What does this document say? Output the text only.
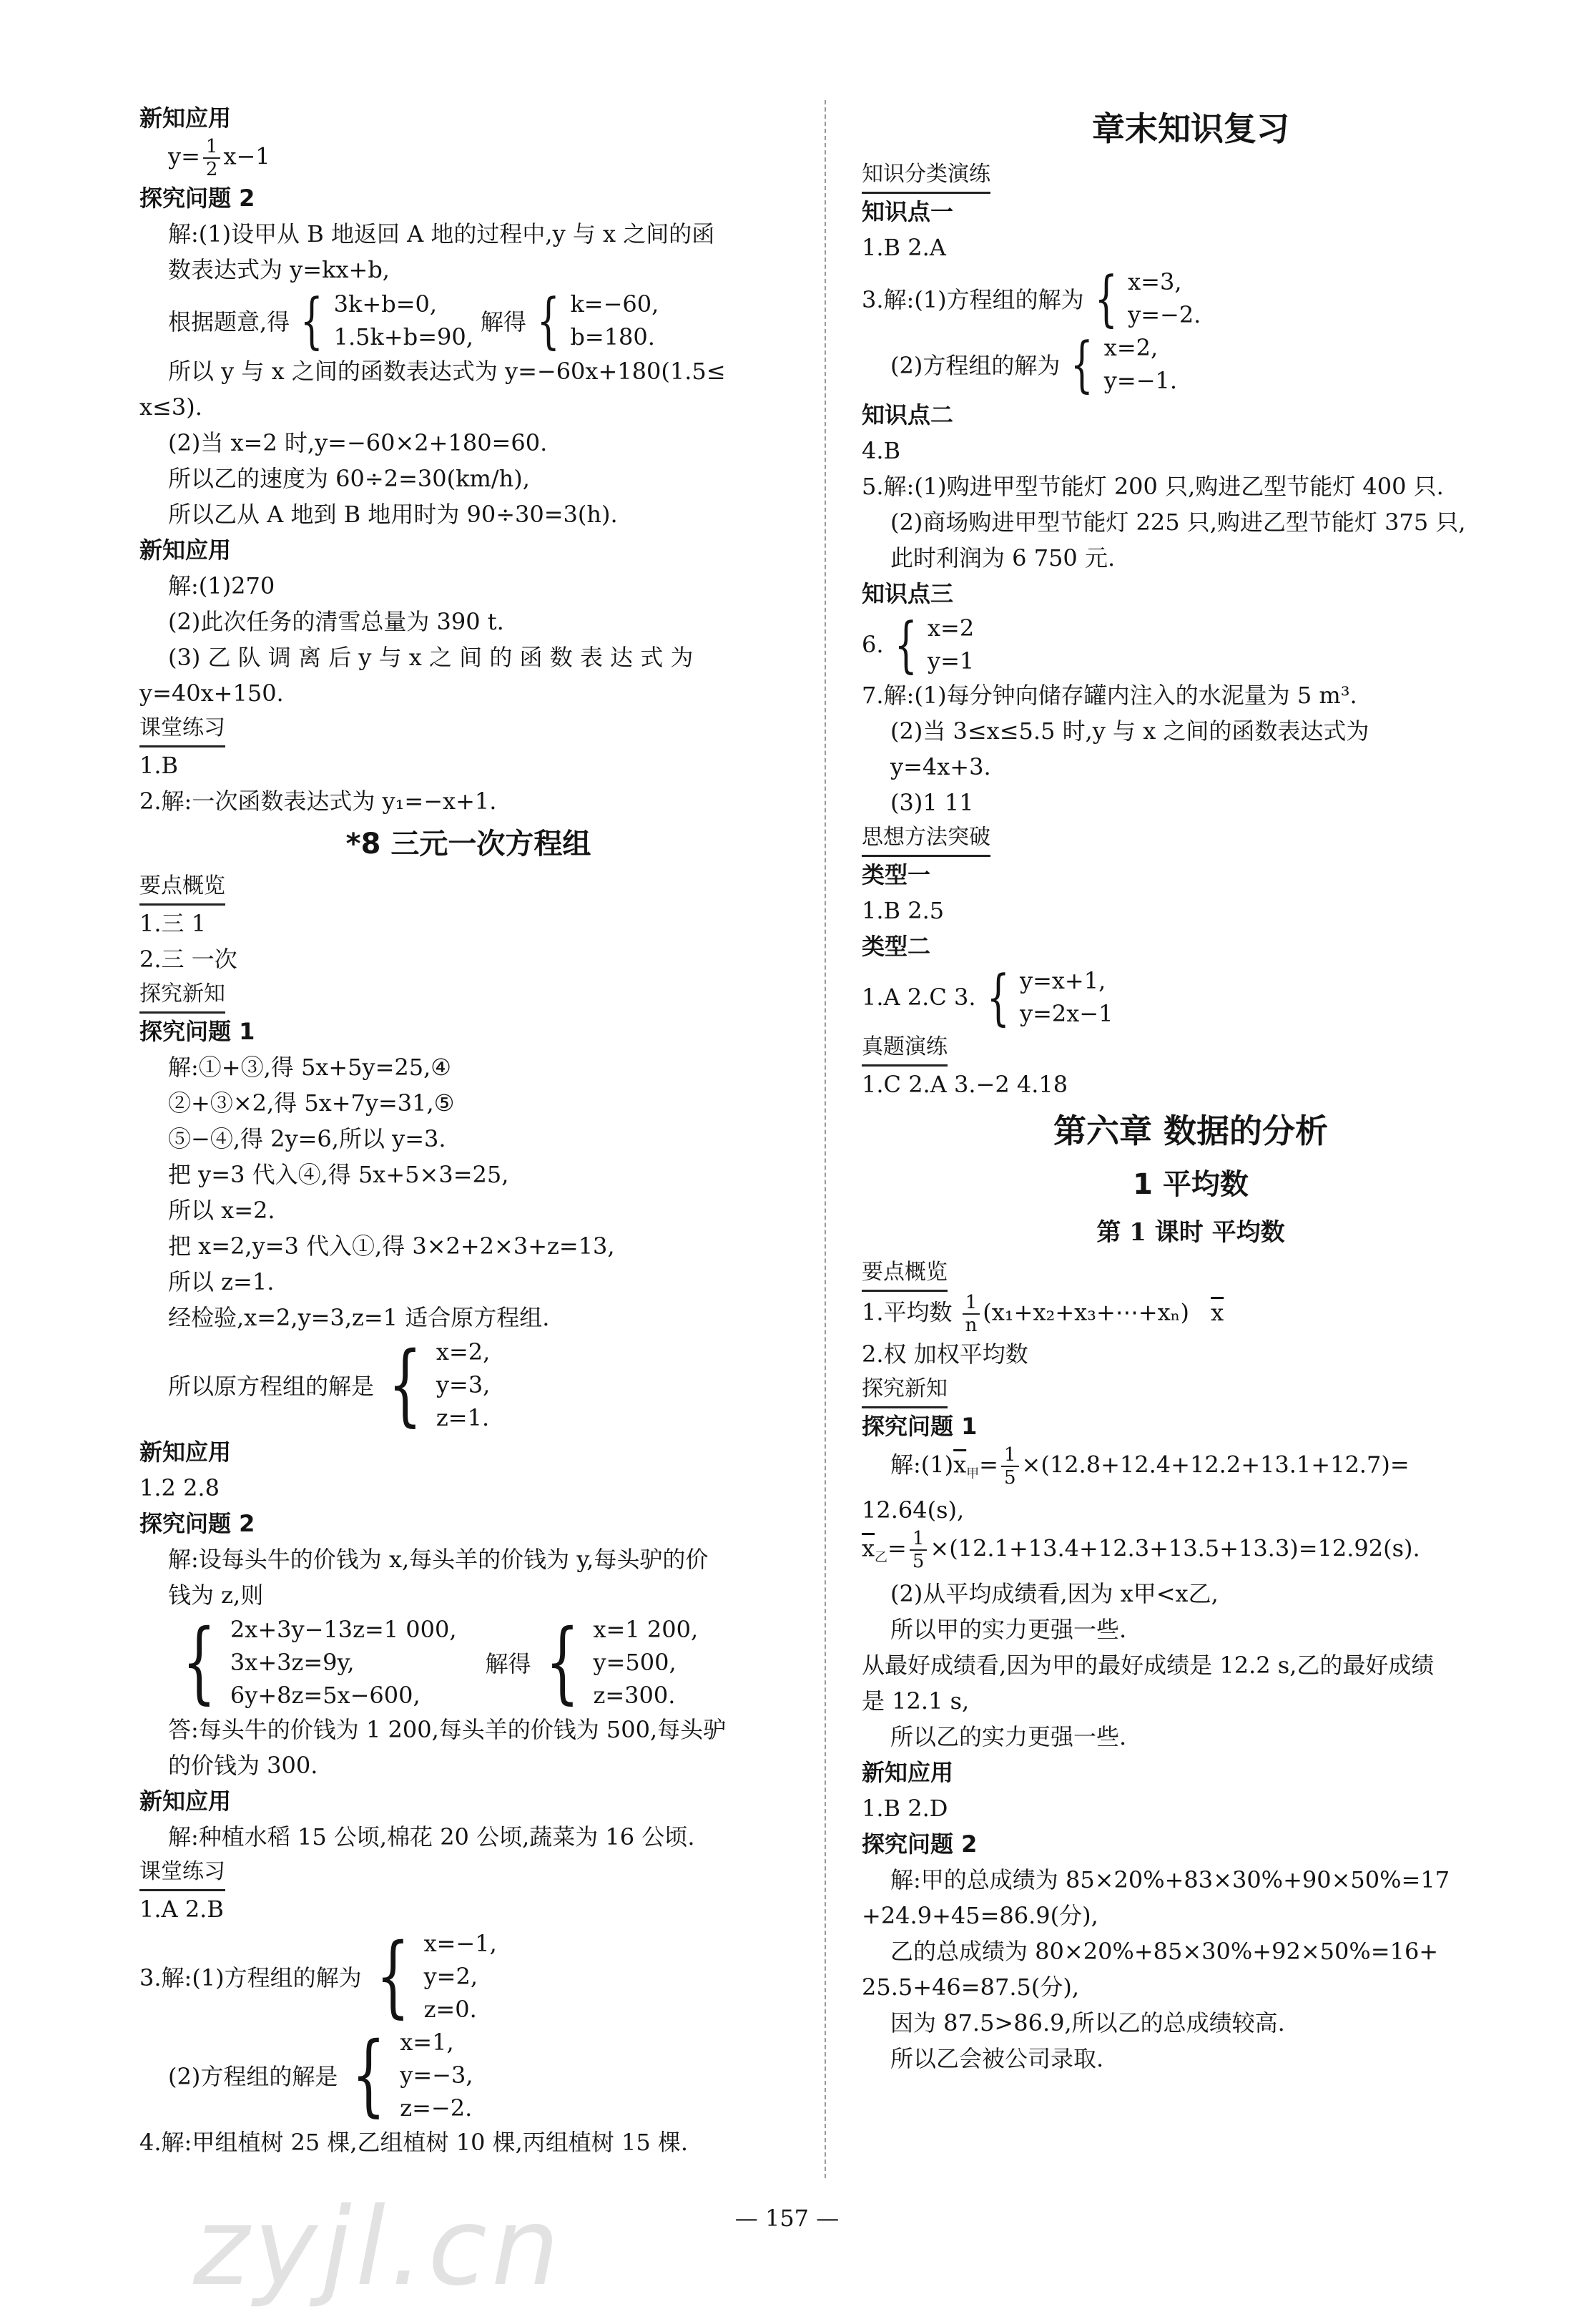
新知应用
$y= \frac{1}{2} x-1$
探究问题 2
解:(1)设甲从 B 地返回 A 地的过程中,y 与 x 之间的函
数表达式为 y=kx+b,
根据题意,得 { 3k+b=0,
1.5k+b=90,
解得 { k=−60,
b=180.
所以 y 与 x 之间的函数表达式为 y=−60x+180(1.5≤
x≤3).
(2)当 x=2 时,y=−60×2+180=60.
所以乙的速度为 60÷2=30(km/h),
所以乙从 A 地到 B 地用时为 90÷30=3(h).
新知应用
解:(1)270
(2)此次任务的清雪总量为 390 t.
(3) 乙 队 调 离 后 y 与 x 之 间 的 函 数 表 达 式 为
y=40x+150.
课堂练习
1.B
2.解:一次函数表达式为 y₁=−x+1.
*8 三元一次方程组
要点概览
1.三 1
2.三 一次
探究新知
探究问题 1
解:①+③,得 5x+5y=25,④
②+③×2,得 5x+7y=31,⑤
⑤−④,得 2y=6,所以 y=3.
把 y=3 代入④,得 5x+5×3=25,
所以 x=2.
把 x=2,y=3 代入①,得 3×2+2×3+z=13,
所以 z=1.
经检验,x=2,y=3,z=1 适合原方程组.
所以原方程组的解是 { x=2,
y=3,
z=1.
新知应用
1.2 2.8
探究问题 2
解:设每头牛的价钱为 x,每头羊的价钱为 y,每头驴的价
钱为 z,则
{ 2x+3y−13z=1 000,
3x+3z=9y,
6y+8z=5x−600,
解得 { x=1 200,
y=500,
z=300.
答:每头牛的价钱为 1 200,每头羊的价钱为 500,每头驴
的价钱为 300.
新知应用
解:种植水稻 15 公顷,棉花 20 公顷,蔬菜为 16 公顷.
课堂练习
1.A 2.B
3.解:(1)方程组的解为 { x=−1,
y=2,
z=0.
(2)方程组的解是 { x=1,
y=−3,
z=−2.
4.解:甲组植树 25 棵,乙组植树 10 棵,丙组植树 15 棵.
章末知识复习
知识分类演练
知识点一
1.B 2.A
3.解:(1)方程组的解为 { x=3,
y=−2.
(2)方程组的解为 { x=2,
y=−1.
知识点二
4.B
5.解:(1)购进甲型节能灯 200 只,购进乙型节能灯 400 只.
(2)商场购进甲型节能灯 225 只,购进乙型节能灯 375 只,
此时利润为 6 750 元.
知识点三
6. { x=2
y=1
7.解:(1)每分钟向储存罐内注入的水泥量为 5 m³.
(2)当 3≤x≤5.5 时,y 与 x 之间的函数表达式为
y=4x+3.
(3)1 11
思想方法突破
类型一
1.B 2.5
类型二
1.A 2.C 3. { y=x+1,
y=2x−1
真题演练
1.C 2.A 3.−2 4.18
第六章 数据的分析
1 平均数
第 1 课时 平均数
要点概览
1.平均数 $\frac{1}{n}$ (x₁+x₂+x₃+⋯+xₙ) $\overline{x}$
2.权 加权平均数
探究新知
探究问题 1
解$:(1)\overline{x}_甲= \frac{1}{5} \times(12.8+12.4+12.2+13.1+12.7)=$
12.64(s),
$\overline{x}_乙= \frac{1}{5} \times(12.1+13.4+12.3+13.5+13.3)=12.92(s)$.
(2)从平均成绩看,因为 x甲<x乙,
所以甲的实力更强一些.
从最好成绩看,因为甲的最好成绩是 12.2 s,乙的最好成绩
是 12.1 s,
所以乙的实力更强一些.
新知应用
1.B 2.D
探究问题 2
解:甲的总成绩为 85×20%+83×30%+90×50%=17
+24.9+45=86.9(分),
乙的总成绩为 80×20%+85×30%+92×50%=16+
25.5+46=87.5(分),
因为 87.5>86.9,所以乙的总成绩较高.
所以乙会被公司录取.
zyjl.cn	— 157 —
